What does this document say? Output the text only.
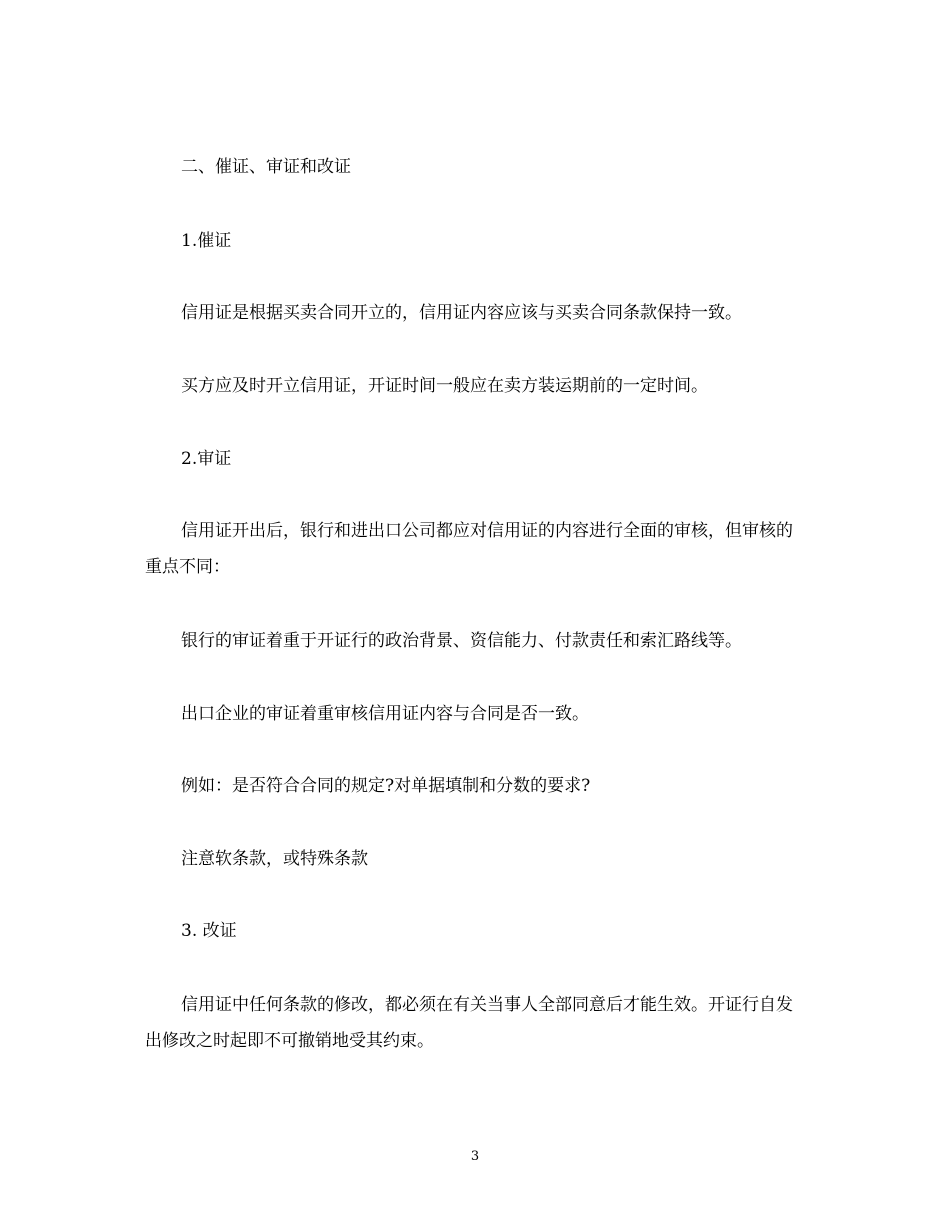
二、催证、审证和改证

1.催证

信用证是根据买卖合同开立的，信用证内容应该与买卖合同条款保持一致。

买方应及时开立信用证，开证时间一般应在卖方装运期前的一定时间。

2.审证

信用证开出后，银行和进出口公司都应对信用证的内容进行全面的审核，但审核的重点不同：

银行的审证着重于开证行的政治背景、资信能力、付款责任和索汇路线等。

出口企业的审证着重审核信用证内容与合同是否一致。

例如：是否符合合同的规定?对单据填制和分数的要求?

注意软条款，或特殊条款

3. 改证

信用证中任何条款的修改，都必须在有关当事人全部同意后才能生效。开证行自发出修改之时起即不可撤销地受其约束。

3
